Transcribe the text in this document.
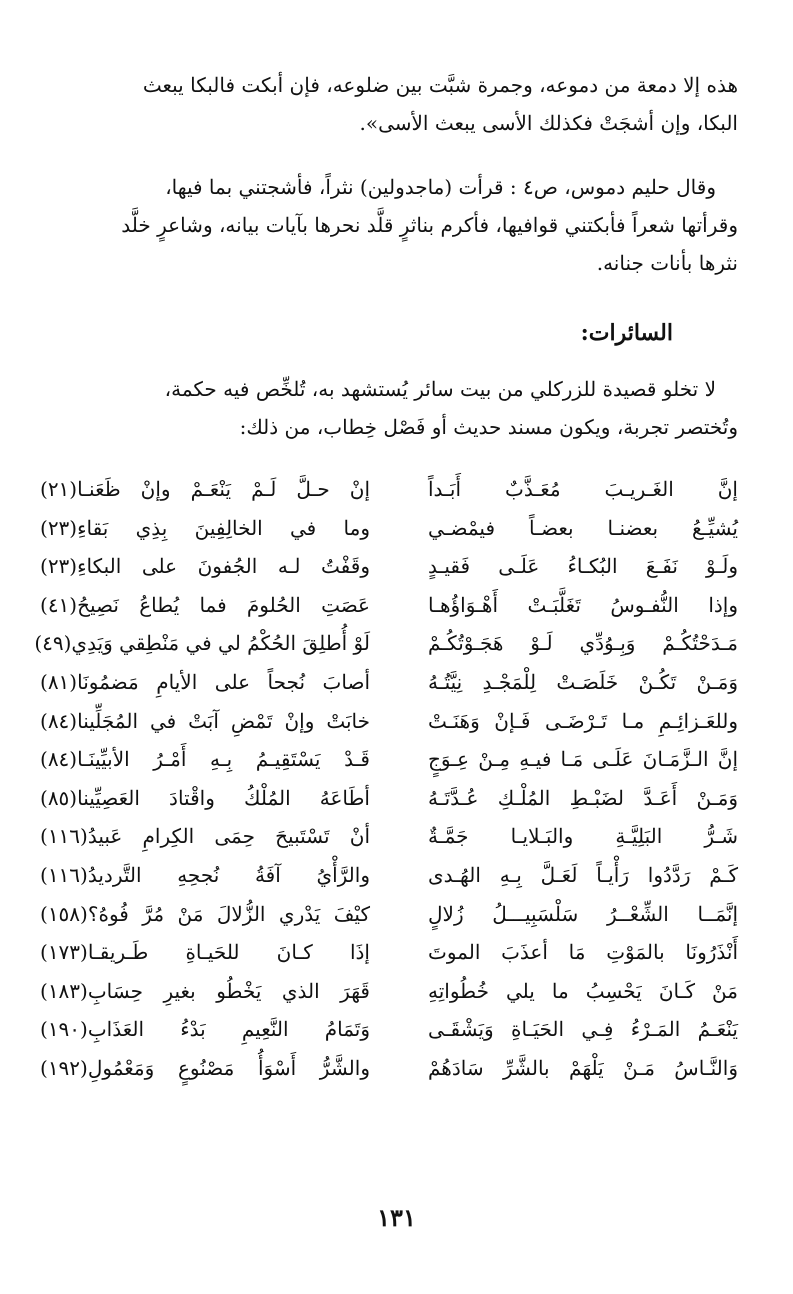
هذه إلا دمعة من دموعه، وجمرة شبَّت بين ضلوعه، فإن أبكت فالبكا يبعث
البكا، وإن أشجَتْ فكذلك الأسى يبعث الأسى».
وقال حليم دموس، ص٤ : قرأت (ماجدولين) نثراً، فأشجتني بما فيها،
وقرأتها شعراً فأبكتني قوافيها، فأكرم بناثرٍ قلَّد نحرها بآيات بيانه، وشاعرٍ خلَّد
نثرها بأنات جنانه.
السائرات:
لا تخلو قصيدة للزركلي من بيت سائر يُستشهد به، تُلخِّص فيه حكمة،
وتُختصر تجربة، ويكون مسند حديث أو فَصْل خِطاب، من ذلك:
إنَّ الغَـريـبَ مُعَـذَّبٌ أَبَـداً
إنْ حـلَّ لَـمْ يَنْعَـمْ وإنْ ظَعَنـا(٢١)
يُشيِّـعُ بعضنـا بعضـاً فيمْضـي
وما في الخالِفِينَ بِذِي بَقاءِ(٢٣)
ولَـوْ نَفَـعَ البُكـاءُ عَلَـى فَقيـدٍ
وقَفْتُ لـه الجُفونَ على البكاءِ(٢٣)
وإذا النُّفـوسُ تَغَلَّبَـتْ أَهْـوَاؤُهـا
عَصَتِ الحُلومَ فما يُطاعُ نَصِيحُ(٤١)
مَـدَحْتُكُـمْ وَبِـوُدِّي لَـوْ هَجَـوْتُكُـمْ
لَوْ أُطلِقَ الحُكْمُ لي في مَنْطِقي وَيَدِي(٤٩)
وَمَـنْ تَكُـنْ خَلَصَـتْ لِلْمَجْـدِ نِيَّتُـهُ
أصابَ نُجحاً على الأيامِ مَضمُونَا(٨١)
وللعَـزائِـمِ مـا تَـرْضَـى فَـإنْ وَهَنَـتْ
خابَتْ وإنْ تَمْضِ آبَتْ في المُجَلِّينا(٨٤)
إنَّ الـزَّمَـانَ عَلَـى مَـا فيـهِ مِـنْ عِـوَجٍ
قَـدْ يَسْتَقِيـمُ بِـهِ أَمْـرُ الأبيِّينَـا(٨٤)
وَمَـنْ أَعَـدَّ لضَبْـطِ المُلْـكِ عُـدَّتَـهُ
أطَاعَهُ المُلْكُ واقْتادَ العَصِيِّينا(٨٥)
شَـرُّ البَلِيَّـةِ والبَـلايـا جَمَّـةٌ
أنْ تَسْتَبيحَ حِمَى الكِرامِ عَبيدُ(١١٦)
كَـمْ رَدَّدُوا رَأْيـاً لَعَـلَّ بِـهِ الهُـدى
والرَّأْيُ آفَةُ نُجحِهِ التَّرديدُ(١١٦)
إنَّمَــا الشِّعْــرُ سَلْسَبِيـــلُ زُلالٍ
كيْفَ يَدْري الزُّلالَ مَنْ مُرَّ فُوهُ؟(١٥٨)
أَنْذَرُونَا بالمَوْتِ مَا أعذَبَ الموتَ
إذَا كـانَ للحَيـاةِ طَـريقـا(١٧٣)
مَنْ كَـانَ يَحْسِبُ ما يلي خُطُواتِهِ
قَهَرَ الذي يَخْطُو بغيرِ حِسَابِ(١٨٣)
يَنْعَـمُ المَـرْءُ فِـي الحَيَـاةِ وَيَشْقَـى
وَتَمَامُ النَّعِيمِ بَدْءُ العَذَابِ(١٩٠)
وَالنَّـاسُ مَـنْ يَلْهَمْ بالشَّرِّ سَادَهُمْ
والشَّرُّ أَسْوَأُ مَصْنُوعٍ وَمَعْمُولِ(١٩٢)
١٣١
